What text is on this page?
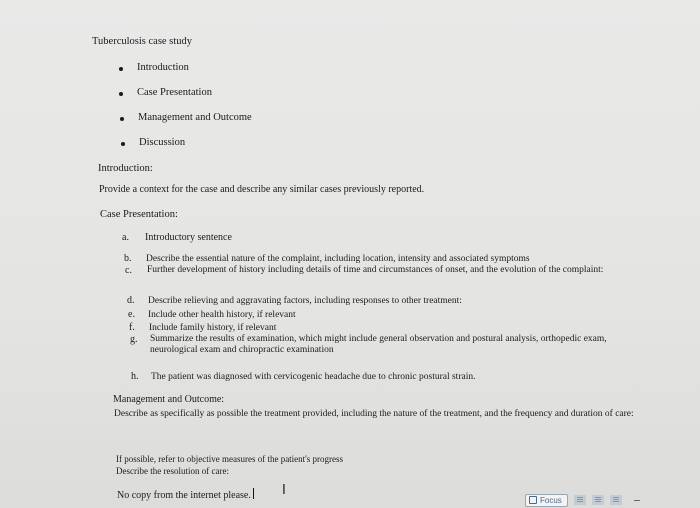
Tuberculosis case study
Introduction
Case Presentation
Management and Outcome
Discussion
Introduction:
Provide a context for the case and describe any similar cases previously reported.
Case Presentation:
a. Introductory sentence
b. Describe the essential nature of the complaint, including location, intensity and associated symptoms
c. Further development of history including details of time and circumstances of onset, and the evolution of the complaint:
d. Describe relieving and aggravating factors, including responses to other treatment:
e. Include other health history, if relevant
f. Include family history, if relevant
g. Summarize the results of examination, which might include general observation and postural analysis, orthopedic exam, neurological exam and chiropractic examination
h. The patient was diagnosed with cervicogenic headache due to chronic postural strain.
Management and Outcome:
Describe as specifically as possible the treatment provided, including the nature of the treatment, and the frequency and duration of care:
If possible, refer to objective measures of the patient's progress
Describe the resolution of care:
No copy from the internet please. I
Focus
